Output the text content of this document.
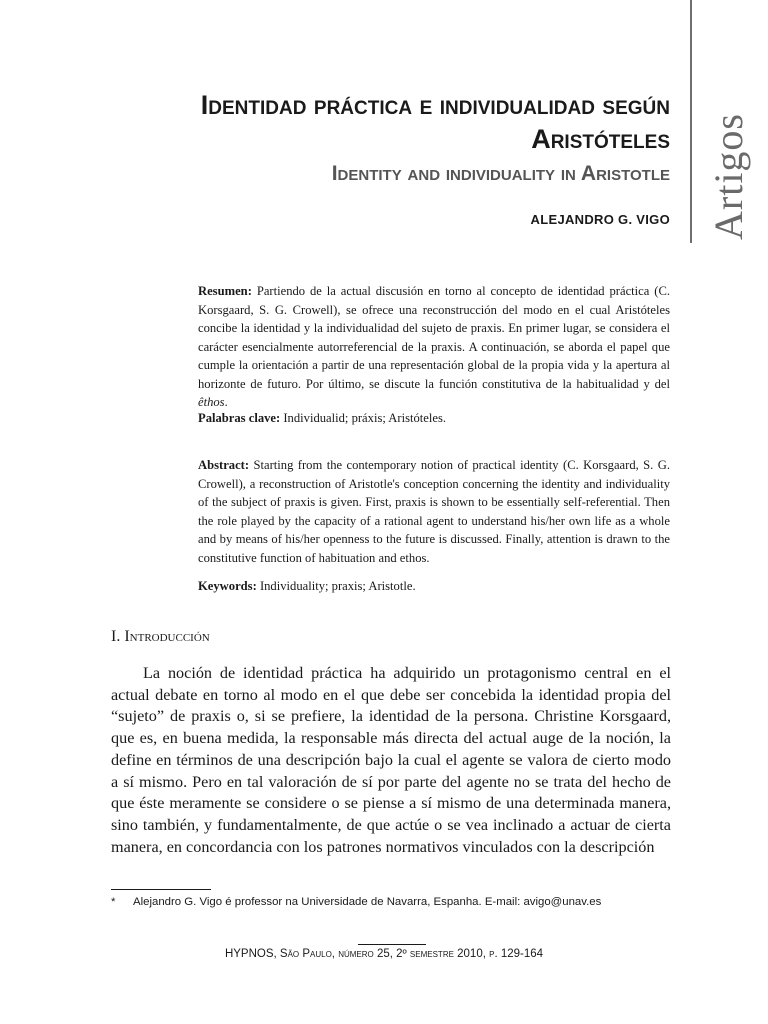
Artigos
Identidad práctica e individualidad según Aristóteles
Identity and individuality in Aristotle
ALEJANDRO G. VIGO

Resumen: Partiendo de la actual discusión en torno al concepto de identidad práctica (C. Korsgaard, S. G. Crowell), se ofrece una reconstrucción del modo en el cual Aristóteles concibe la identidad y la individualidad del sujeto de praxis. En primer lugar, se considera el carácter esencialmente autorreferencial de la praxis. A continuación, se aborda el papel que cumple la orientación a partir de una representación global de la propia vida y la apertura al horizonte de futuro. Por último, se discute la función constitutiva de la habitualidad y del êthos.

Palabras clave: Individualid; práxis; Aristóteles.

Abstract: Starting from the contemporary notion of practical identity (C. Korsgaard, S. G. Crowell), a reconstruction of Aristotle's conception concerning the identity and individuality of the subject of praxis is given. First, praxis is shown to be essentially self-referential. Then the role played by the capacity of a rational agent to understand his/her own life as a whole and by means of his/her openness to the future is discussed. Finally, attention is drawn to the constitutive function of habituation and ethos.

Keywords: Individuality; praxis; Aristotle.

I. Introducción

La noción de identidad práctica ha adquirido un protagonismo central en el actual debate en torno al modo en el que debe ser concebida la identidad propia del “sujeto” de praxis o, si se prefiere, la identidad de la persona. Christine Korsgaard, que es, en buena medida, la responsable más directa del actual auge de la noción, la define en términos de una descripción bajo la cual el agente se valora de cierto modo a sí mismo. Pero en tal valoración de sí por parte del agente no se trata del hecho de que éste meramente se considere o se piense a sí mismo de una determinada manera, sino también, y fundamentalmente, de que actúe o se vea inclinado a actuar de cierta manera, en concordancia con los patrones normativos vinculados con la descripción

* Alejandro G. Vigo é professor na Universidade de Navarra, Espanha. E-mail: avigo@unav.es

HYPNOS, São Paulo, número 25, 2º semestre 2010, p. 129-164
